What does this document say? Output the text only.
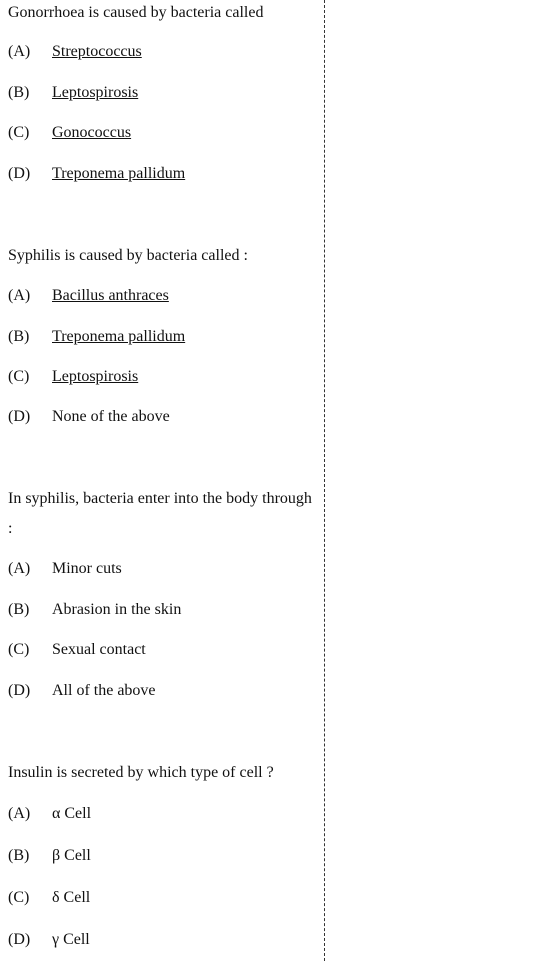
Gonorrhoea is caused by bacteria called
(A) Streptococcus
(B) Leptospirosis
(C) Gonococcus
(D) Treponema pallidum
Syphilis is caused by bacteria called :
(A) Bacillus anthraces
(B) Treponema pallidum
(C) Leptospirosis
(D) None of the above
In syphilis, bacteria enter into the body through :
(A) Minor cuts
(B) Abrasion in the skin
(C) Sexual contact
(D) All of the above
Insulin is secreted by which type of cell ?
(A) α Cell
(B) β Cell
(C) δ Cell
(D) γ Cell
